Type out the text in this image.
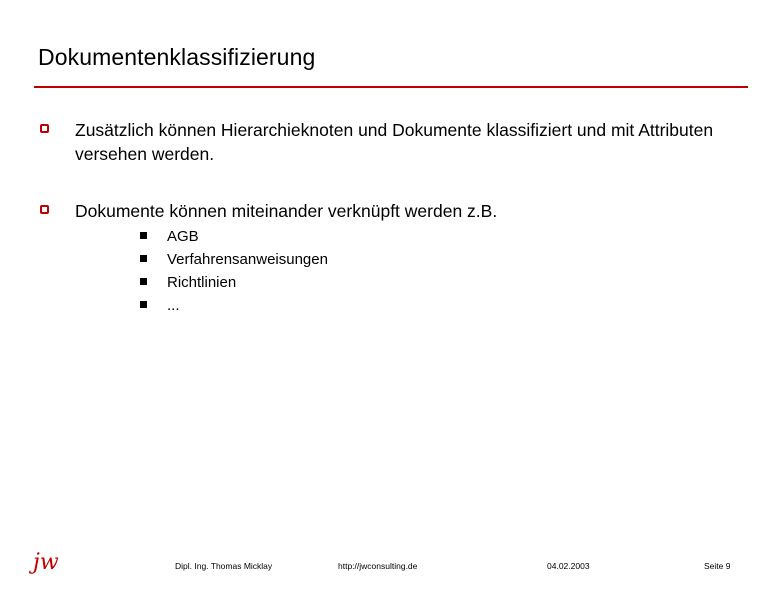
Dokumentenklassifizierung
Zusätzlich können Hierarchieknoten und Dokumente klassifiziert und mit Attributen versehen werden.
Dokumente können miteinander verknüpft werden z.B.
AGB
Verfahrensanweisungen
Richtlinien
...
jw	Dipl. Ing. Thomas Micklay	http://jwconsulting.de	04.02.2003	Seite 9
